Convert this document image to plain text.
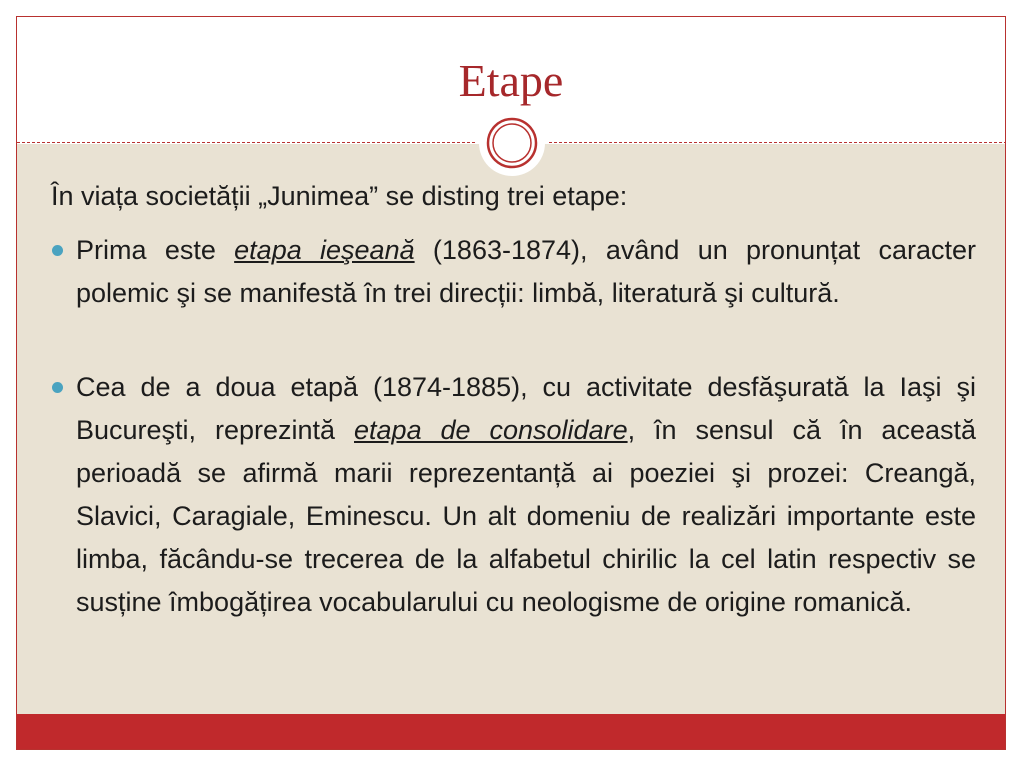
Etape
În viața societății „Junimea” se disting trei etape:
Prima este etapa ieşeană (1863-1874), având un pronunțat caracter polemic şi se manifestă în trei direcții: limbă, literatură şi cultură.
Cea de a doua etapă (1874-1885), cu activitate desfăşurată la Iaşi şi Bucureşti, reprezintă etapa de consolidare, în sensul că în această perioadă se afirmă marii reprezentanță ai poeziei şi prozei: Creangă, Slavici, Caragiale, Eminescu. Un alt domeniu de realizări importante este limba, făcându-se trecerea de la alfabetul chirilic la cel latin respectiv se susține îmbogățirea vocabularului cu neologisme de origine romanică.
